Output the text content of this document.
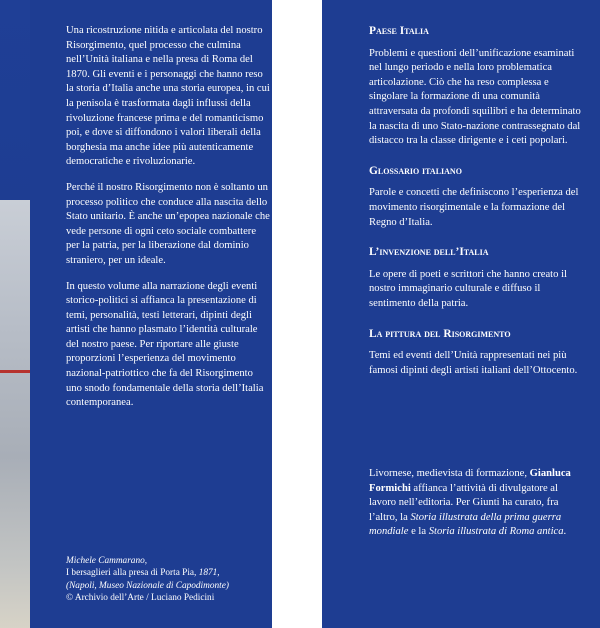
Una ricostruzione nitida e articolata del nostro Risorgimento, quel processo che culmina nell’Unità italiana e nella presa di Roma del 1870. Gli eventi e i personaggi che hanno reso la storia d’Italia anche una storia europea, in cui la penisola è trasformata dagli influssi della rivoluzione francese prima e del romanticismo poi, e dove si diffondono i valori liberali della borghesia ma anche idee più autenticamente democratiche e rivoluzionarie.

Perché il nostro Risorgimento non è soltanto un processo politico che conduce alla nascita dello Stato unitario. È anche un’epopea nazionale che vede persone di ogni ceto sociale combattere per la patria, per la liberazione dal dominio straniero, per un ideale.

In questo volume alla narrazione degli eventi storico-politici si affianca la presentazione di temi, personalità, testi letterari, dipinti degli artisti che hanno plasmato l’identità culturale del nostro paese. Per riportare alle giuste proporzioni l’esperienza del movimento nazional-patriottico che fa del Risorgimento uno snodo fondamentale della storia dell’Italia contemporanea.

Michele Cammarano,
I bersaglieri alla presa di Porta Pia, 1871,
(Napoli, Museo Nazionale di Capodimonte)
© Archivio dell’Arte / Luciano Pedicini
Paese Italia

Problemi e questioni dell’unificazione esaminati nel lungo periodo e nella loro problematica articolazione. Ciò che ha reso complessa e singolare la formazione di una comunità attraversata da profondi squilibri e ha determinato la nascita di uno Stato-nazione contrassegnato dal distacco tra la classe dirigente e i ceti popolari.

Glossario italiano

Parole e concetti che definiscono l’esperienza del movimento risorgimentale e la formazione del Regno d’Italia.

L’invenzione dell’Italia

Le opere di poeti e scrittori che hanno creato il nostro immaginario culturale e diffuso il sentimento della patria.

La pittura del Risorgimento

Temi ed eventi dell’Unità rappresentati nei più famosi dipinti degli artisti italiani dell’Ottocento.

Livornese, medievista di formazione, Gianluca Formichi affianca l’attività di divulgatore al lavoro nell’editoria. Per Giunti ha curato, fra l’altro, la Storia illustrata della prima guerra mondiale e la Storia illustrata di Roma antica.
